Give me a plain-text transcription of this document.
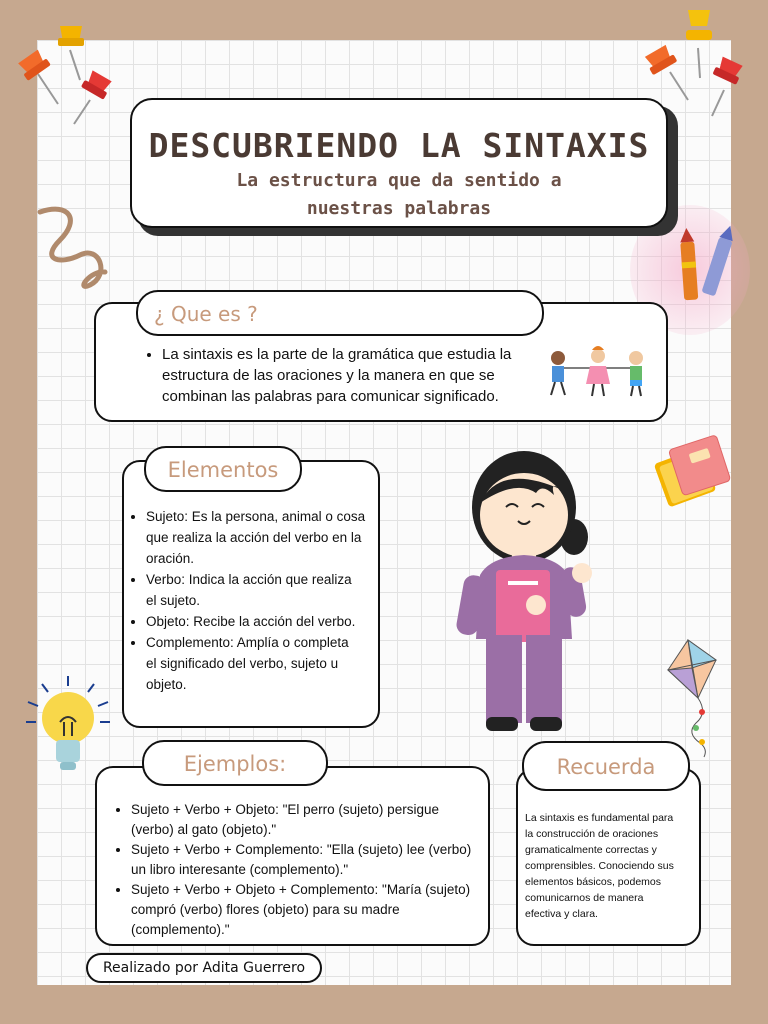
DESCUBRIENDO LA SINTAXIS
La estructura que da sentido a
nuestras palabras
• La sintaxis es la parte de la gramática que estudia la
estructura de las oraciones y la manera en que se
combinan las palabras para comunicar significado.
¿ Que es ?
• Sujeto: Es la persona, animal o cosa
que realiza la acción del verbo en la
oración.
• Verbo: Indica la acción que realiza
el sujeto.
• Objeto: Recibe la acción del verbo.
• Complemento: Amplía o completa
el significado del verbo, sujeto u
objeto.
Elementos
• Sujeto + Verbo + Objeto: "El perro (sujeto) persigue
(verbo) al gato (objeto)."
• Sujeto + Verbo + Complemento: "Ella (sujeto) lee (verbo)
un libro interesante (complemento)."
• Sujeto + Verbo + Objeto + Complemento: "María (sujeto)
compró (verbo) flores (objeto) para su madre
(complemento)."
Ejemplos:
La sintaxis es fundamental para
la construcción de oraciones
gramaticalmente correctas y
comprensibles. Conociendo sus
elementos básicos, podemos
comunicarnos de manera
efectiva y clara.
Recuerda
Realizado por Adita Guerrero
